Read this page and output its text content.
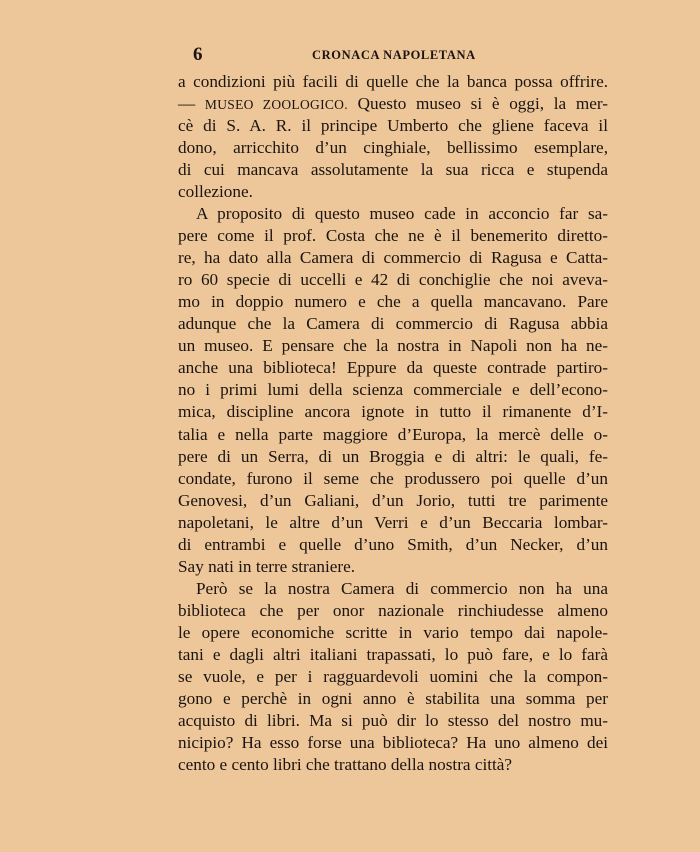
6	CRONACA NAPOLETANA
a condizioni più facili di quelle che la banca possa offrire.
— MUSEO ZOOLOGICO. Questo museo si è oggi, la mer-
cè di S. A. R. il principe Umberto che gliene faceva il
dono, arricchito d’un cinghiale, bellissimo esemplare,
di cui mancava assolutamente la sua ricca e stupenda
collezione.
A proposito di questo museo cade in acconcio far sa-
pere come il prof. Costa che ne è il benemerito diretto-
re, ha dato alla Camera di commercio di Ragusa e Catta-
ro 60 specie di uccelli e 42 di conchiglie che noi aveva-
mo in doppio numero e che a quella mancavano. Pare
adunque che la Camera di commercio di Ragusa abbia
un museo. E pensare che la nostra in Napoli non ha ne-
anche una biblioteca! Eppure da queste contrade partiro-
no i primi lumi della scienza commerciale e dell’econo-
mica, discipline ancora ignote in tutto il rimanente d’I-
talia e nella parte maggiore d’Europa, la mercè delle o-
pere di un Serra, di un Broggia e di altri: le quali, fe-
condate, furono il seme che produssero poi quelle d’un
Genovesi, d’un Galiani, d’un Jorio, tutti tre parimente
napoletani, le altre d’un Verri e d’un Beccaria lombar-
di entrambi e quelle d’uno Smith, d’un Necker, d’un
Say nati in terre straniere.
Però se la nostra Camera di commercio non ha una
biblioteca che per onor nazionale rinchiudesse almeno
le opere economiche scritte in vario tempo dai napole-
tani e dagli altri italiani trapassati, lo può fare, e lo farà
se vuole, e per i ragguardevoli uomini che la compon-
gono e perchè in ogni anno è stabilita una somma per
acquisto di libri. Ma si può dir lo stesso del nostro mu-
nicipio? Ha esso forse una biblioteca? Ha uno almeno dei
cento e cento libri che trattano della nostra città?
